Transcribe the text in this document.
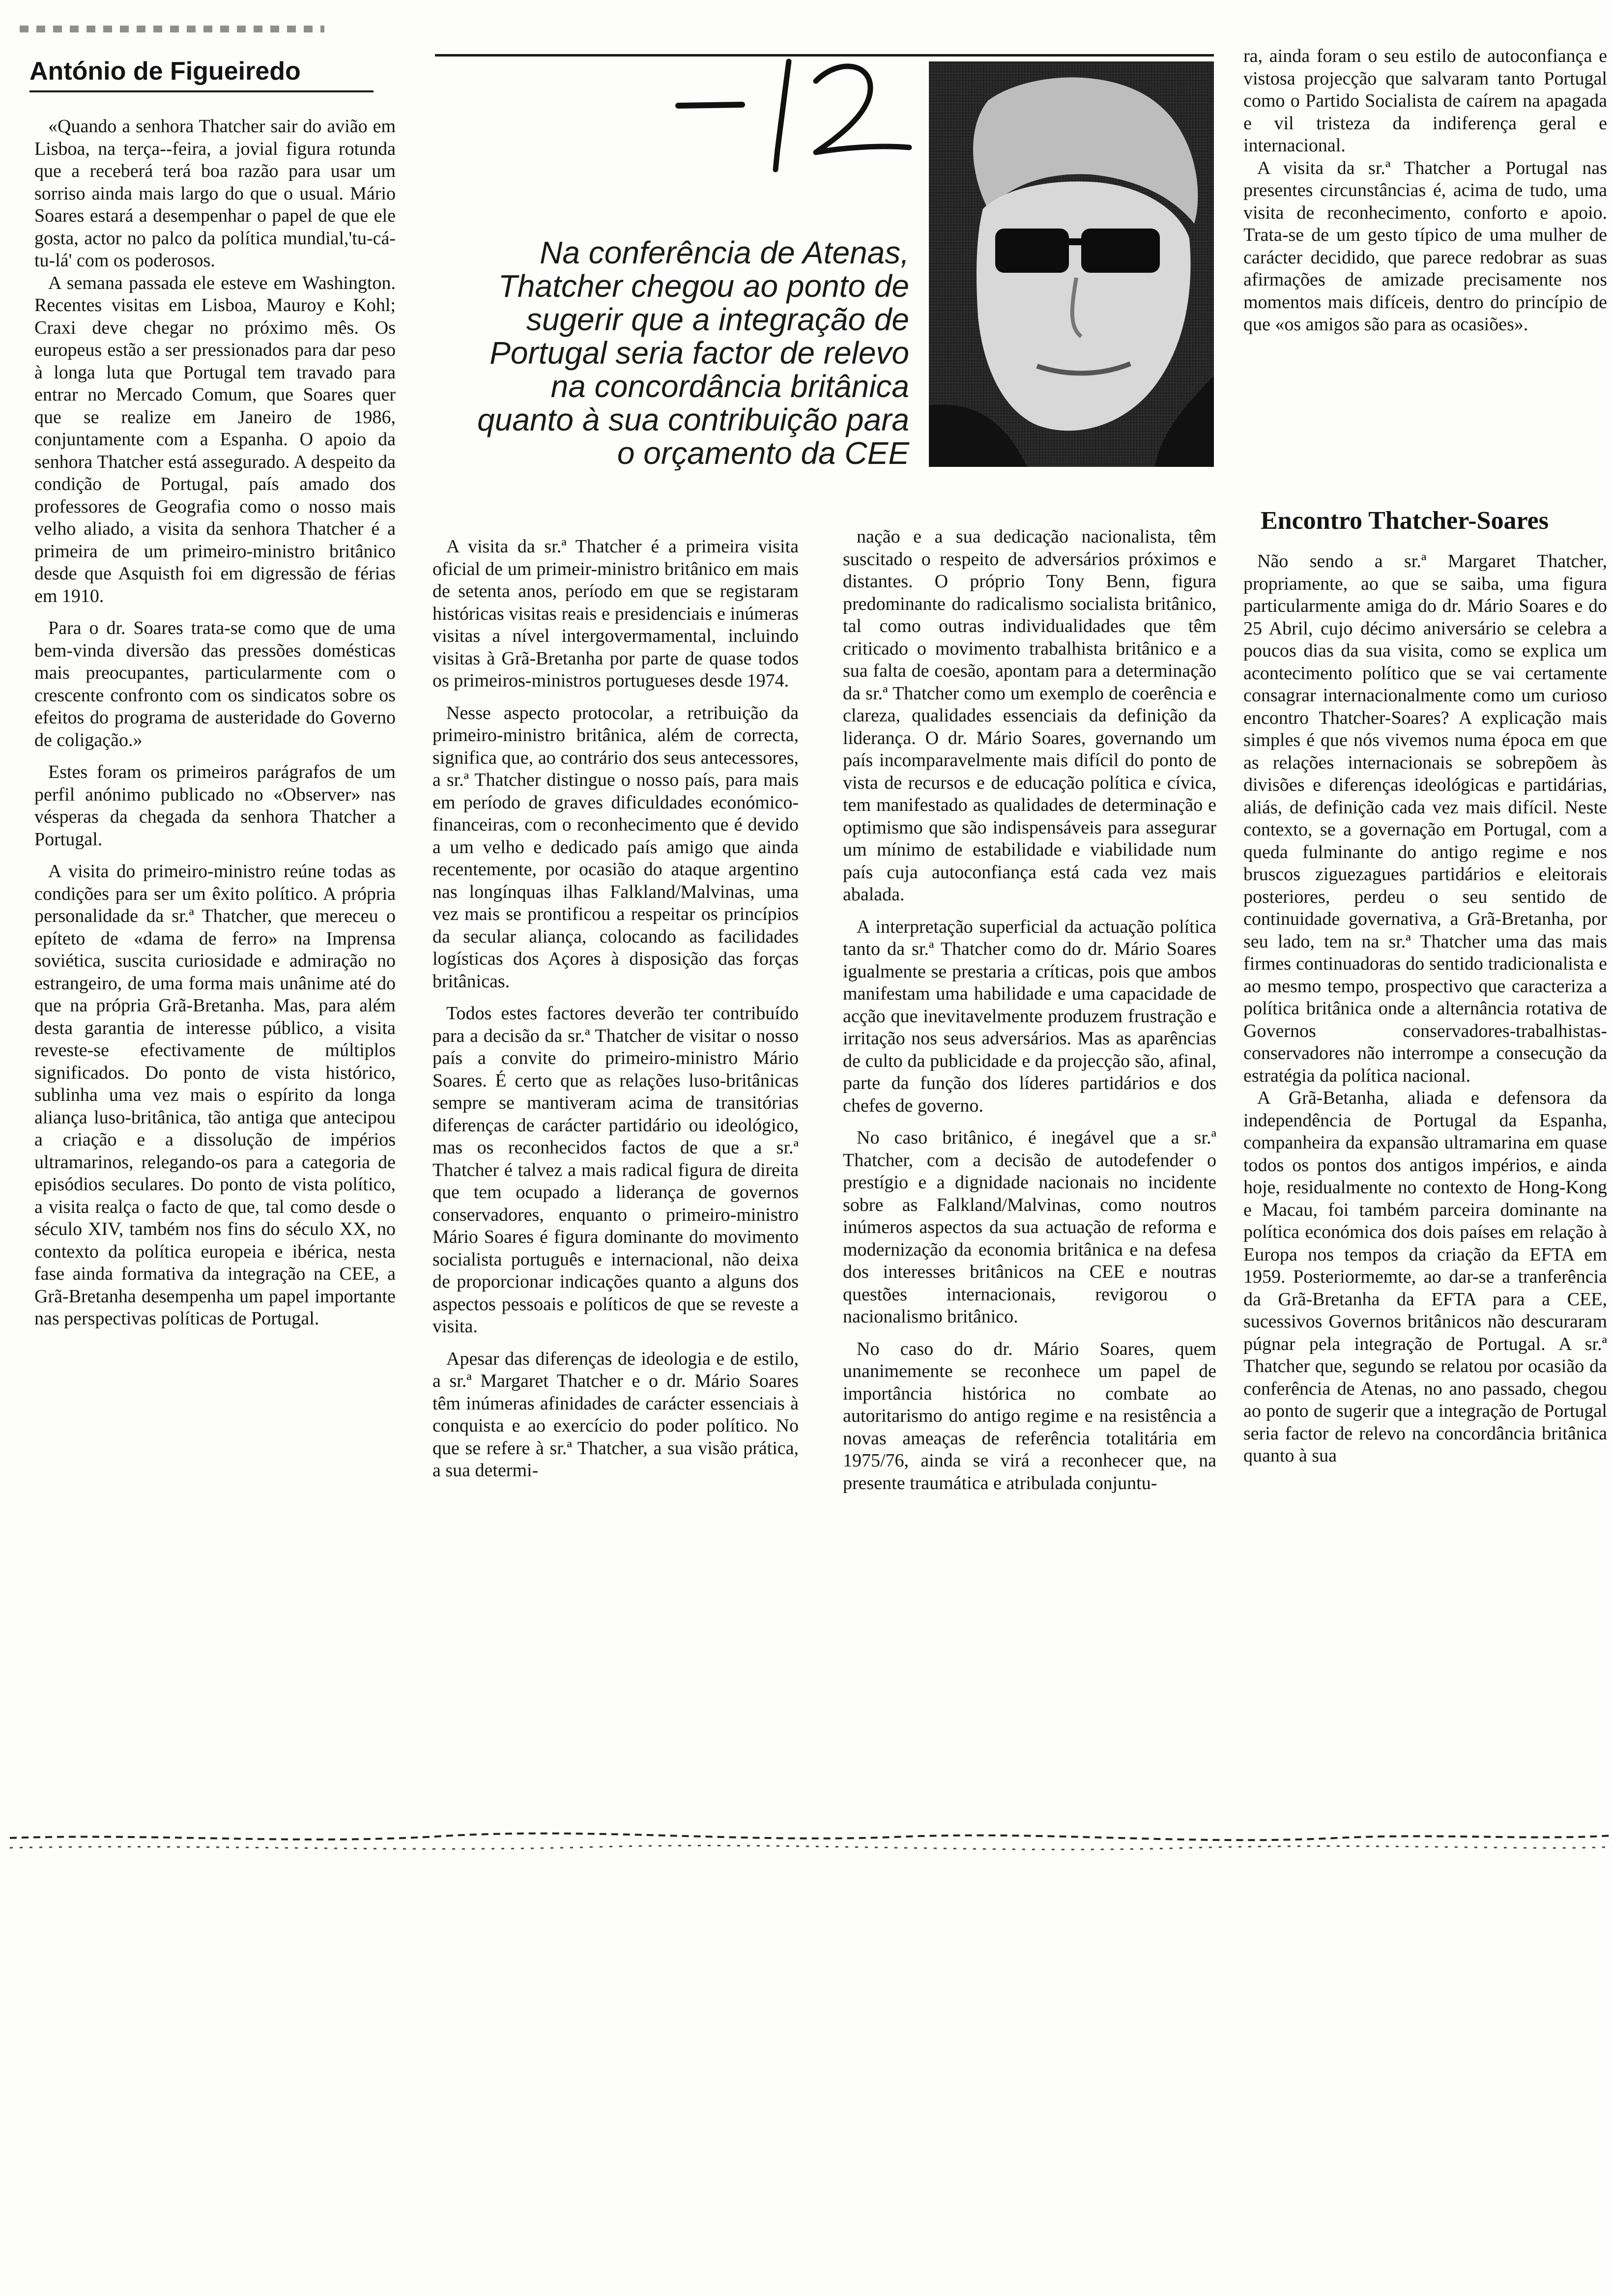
António de Figueiredo
Na conferência de Atenas,
Thatcher chegou ao ponto de
sugerir que a integração de
Portugal seria factor de relevo
na concordância britânica
quanto à sua contribuição para
o orçamento da CEE

«Quando a senhora Thatcher sair do avião em Lisboa, na terça--feira, a jovial figura rotunda que a receberá terá boa razão para usar um sorriso ainda mais largo do que o usual. Mário Soares estará a desempenhar o papel de que ele gosta, actor no palco da política mundial,'tu-cá-tu-lá' com os poderosos.

A semana passada ele esteve em Washington. Recentes visitas em Lisboa, Mauroy e Kohl; Craxi deve chegar no próximo mês. Os europeus estão a ser pressionados para dar peso à longa luta que Portugal tem travado para entrar no Mercado Comum, que Soares quer que se realize em Janeiro de 1986, conjuntamente com a Espanha. O apoio da senhora Thatcher está assegurado. A despeito da condição de Portugal, país amado dos professores de Geografia como o nosso mais velho aliado, a visita da senhora Thatcher é a primeira de um primeiro-ministro britânico desde que Asquisth foi em digressão de férias em 1910.

Para o dr. Soares trata-se como que de uma bem-vinda diversão das pressões domésticas mais preocupantes, particularmente com o crescente confronto com os sindicatos sobre os efeitos do programa de austeridade do Governo de coligação.»

Estes foram os primeiros parágrafos de um perfil anónimo publicado no «Observer» nas vésperas da chegada da senhora Thatcher a Portugal.

A visita do primeiro-ministro reúne todas as condições para ser um êxito político. A própria personalidade da sr.ª Thatcher, que mereceu o epíteto de «dama de ferro» na Imprensa soviética, suscita curiosidade e admiração no estrangeiro, de uma forma mais unânime até do que na própria Grã-Bretanha. Mas, para além desta garantia de interesse público, a visita reveste-se efectivamente de múltiplos significados. Do ponto de vista histórico, sublinha uma vez mais o espírito da longa aliança luso-britânica, tão antiga que antecipou a criação e a dissolução de impérios ultramarinos, relegando-os para a categoria de episódios seculares. Do ponto de vista político, a visita realça o facto de que, tal como desde o século XIV, também nos fins do século XX, no contexto da política europeia e ibérica, nesta fase ainda formativa da integração na CEE, a Grã-Bretanha desempenha um papel importante nas perspectivas políticas de Portugal.

A visita da sr.ª Thatcher é a primeira visita oficial de um primeir-ministro britânico em mais de setenta anos, período em que se registaram históricas visitas reais e presidenciais e inúmeras visitas a nível intergovermamental, incluindo visitas à Grã-Bretanha por parte de quase todos os primeiros-ministros portugueses desde 1974.

Nesse aspecto protocolar, a retribuição da primeiro-ministro britânica, além de correcta, significa que, ao contrário dos seus antecessores, a sr.ª Thatcher distingue o nosso país, para mais em período de graves dificuldades económico-financeiras, com o reconhecimento que é devido a um velho e dedicado país amigo que ainda recentemente, por ocasião do ataque argentino nas longínquas ilhas Falkland/Malvinas, uma vez mais se prontificou a respeitar os princípios da secular aliança, colocando as facilidades logísticas dos Açores à disposição das forças britânicas.

Todos estes factores deverão ter contribuído para a decisão da sr.ª Thatcher de visitar o nosso país a convite do primeiro-ministro Mário Soares. É certo que as relações luso-britânicas sempre se mantiveram acima de transitórias diferenças de carácter partidário ou ideológico, mas os reconhecidos factos de que a sr.ª Thatcher é talvez a mais radical figura de direita que tem ocupado a liderança de governos conservadores, enquanto o primeiro-ministro Mário Soares é figura dominante do movimento socialista português e internacional, não deixa de proporcionar indicações quanto a alguns dos aspectos pessoais e políticos de que se reveste a visita.

Apesar das diferenças de ideologia e de estilo, a sr.ª Margaret Thatcher e o dr. Mário Soares têm inúmeras afinidades de carácter essenciais à conquista e ao exercício do poder político. No que se refere à sr.ª Thatcher, a sua visão prática, a sua determi-

nação e a sua dedicação nacionalista, têm suscitado o respeito de adversários próximos e distantes. O próprio Tony Benn, figura predominante do radicalismo socialista britânico, tal como outras individualidades que têm criticado o movimento trabalhista britânico e a sua falta de coesão, apontam para a determinação da sr.ª Thatcher como um exemplo de coerência e clareza, qualidades essenciais da definição da liderança. O dr. Mário Soares, governando um país incomparavelmente mais difícil do ponto de vista de recursos e de educação política e cívica, tem manifestado as qualidades de determinação e optimismo que são indispensáveis para assegurar um mínimo de estabilidade e viabilidade num país cuja autoconfiança está cada vez mais abalada.

A interpretação superficial da actuação política tanto da sr.ª Thatcher como do dr. Mário Soares igualmente se prestaria a críticas, pois que ambos manifestam uma habilidade e uma capacidade de acção que inevitavelmente produzem frustração e irritação nos seus adversários. Mas as aparências de culto da publicidade e da projecção são, afinal, parte da função dos líderes partidários e dos chefes de governo.

No caso britânico, é inegável que a sr.ª Thatcher, com a decisão de autodefender o prestígio e a dignidade nacionais no incidente sobre as Falkland/Malvinas, como noutros inúmeros aspectos da sua actuação de reforma e modernização da economia britânica e na defesa dos interesses britânicos na CEE e noutras questões internacionais, revigorou o nacionalismo britânico.

No caso do dr. Mário Soares, quem unanimemente se reconhece um papel de importância histórica no combate ao autoritarismo do antigo regime e na resistência a novas ameaças de referência totalitária em 1975/76, ainda se virá a reconhecer que, na presente traumática e atribulada conjuntu-

ra, ainda foram o seu estilo de autoconfiança e vistosa projecção que salvaram tanto Portugal como o Partido Socialista de caírem na apagada e vil tristeza da indiferença geral e internacional.

A visita da sr.ª Thatcher a Portugal nas presentes circunstâncias é, acima de tudo, uma visita de reconhecimento, conforto e apoio. Trata-se de um gesto típico de uma mulher de carácter decidido, que parece redobrar as suas afirmações de amizade precisamente nos momentos mais difíceis, dentro do princípio de que «os amigos são para as ocasiões».

Encontro Thatcher-Soares

Não sendo a sr.ª Margaret Thatcher, propriamente, ao que se saiba, uma figura particularmente amiga do dr. Mário Soares e do 25 Abril, cujo décimo aniversário se celebra a poucos dias da sua visita, como se explica um acontecimento político que se vai certamente consagrar internacionalmente como um curioso encontro Thatcher-Soares? A explicação mais simples é que nós vivemos numa época em que as relações internacionais se sobrepõem às divisões e diferenças ideológicas e partidárias, aliás, de definição cada vez mais difícil. Neste contexto, se a governação em Portugal, com a queda fulminante do antigo regime e nos bruscos ziguezagues partidários e eleitorais posteriores, perdeu o seu sentido de continuidade governativa, a Grã-Bretanha, por seu lado, tem na sr.ª Thatcher uma das mais firmes continuadoras do sentido tradicionalista e ao mesmo tempo, prospectivo que caracteriza a política britânica onde a alternância rotativa de Governos conservadores-trabalhistas-conservadores não interrompe a consecução da estratégia da política nacional.

A Grã-Betanha, aliada e defensora da independência de Portugal da Espanha, companheira da expansão ultramarina em quase todos os pontos dos antigos impérios, e ainda hoje, residualmente no contexto de Hong-Kong e Macau, foi também parceira dominante na política económica dos dois países em relação à Europa nos tempos da criação da EFTA em 1959. Posteriormemte, ao dar-se a tranferência da Grã-Bretanha da EFTA para a CEE, sucessivos Governos britânicos não descuraram púgnar pela integração de Portugal. A sr.ª Thatcher que, segundo se relatou por ocasião da conferência de Atenas, no ano passado, chegou ao ponto de sugerir que a integração de Portugal seria factor de relevo na concordância britânica quanto à sua
